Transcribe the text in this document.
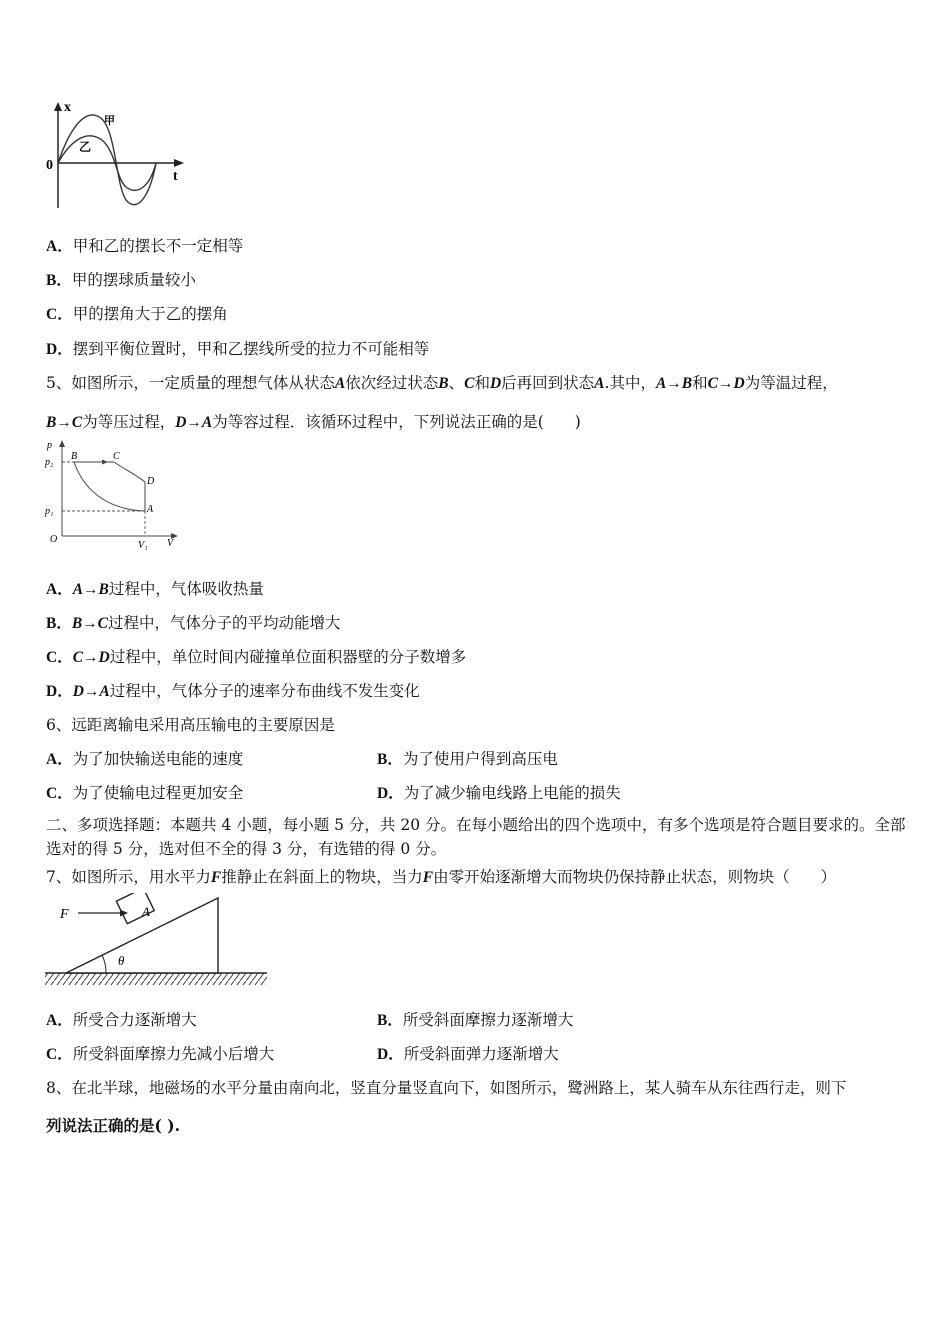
x
t
0
甲
乙
A．甲和乙的摆长不一定相等
B．甲的摆球质量较小
C．甲的摆角大于乙的摆角
D．摆到平衡位置时，甲和乙摆线所受的拉力不可能相等
5、如图所示，一定质量的理想气体从状态A依次经过状态B、C和D后再回到状态A.其中，A→B和C→D为等温过程，
B→C为等压过程，D→A为等容过程．该循环过程中，下列说法正确的是(　　)
p
p₂
p₁
O
V₁ V
B	C
D
A
A．A→B过程中，气体吸收热量
B．B→C过程中，气体分子的平均动能增大
C．C→D过程中，单位时间内碰撞单位面积器壁的分子数增多
D．D→A过程中，气体分子的速率分布曲线不发生变化
6、远距离输电采用高压输电的主要原因是
A．为了加快输送电能的速度	B．为了使用户得到高压电
C．为了使输电过程更加安全	D．为了减少输电线路上电能的损失
二、多项选择题：本题共 4 小题，每小题 5 分，共 20 分。在每小题给出的四个选项中，有多个选项是符合题目要求的。全部选对的得 5 分，选对但不全的得 3 分，有选错的得 0 分。
7、如图所示，用水平力F推静止在斜面上的物块，当力F由零开始逐渐增大而物块仍保持静止状态，则物块（　　）
F	A
θ
A．所受合力逐渐增大	B．所受斜面摩擦力逐渐增大
C．所受斜面摩擦力先减小后增大	D．所受斜面弹力逐渐增大
8、在北半球，地磁场的水平分量由南向北，竖直分量竖直向下，如图所示，鹭洲路上，某人骑车从东往西行走，则下
列说法正确的是( ).
